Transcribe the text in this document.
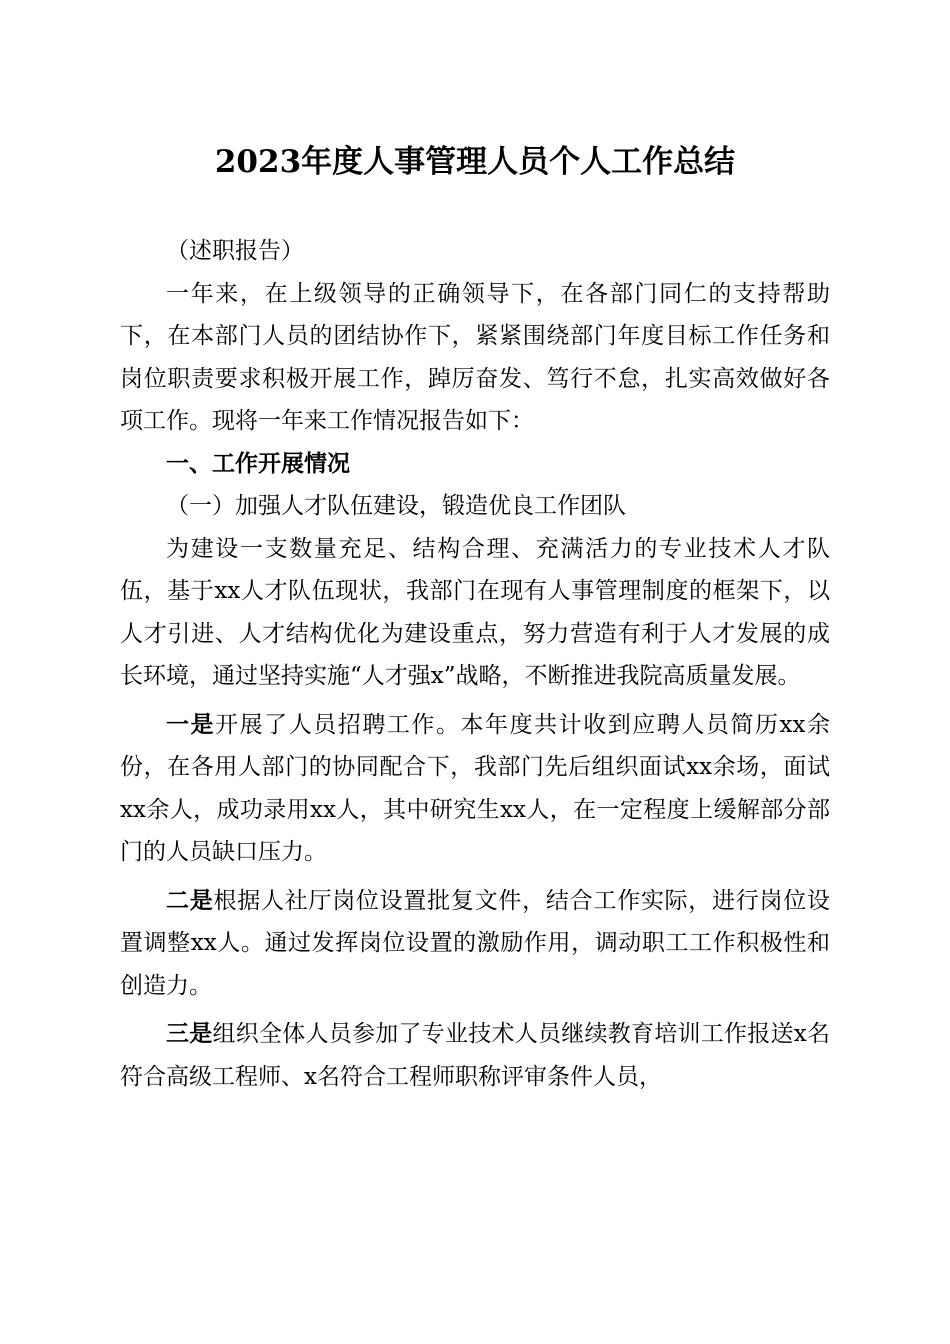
2023年度人事管理人员个人工作总结

（述职报告）

一年来，在上级领导的正确领导下，在各部门同仁的支持帮助下，在本部门人员的团结协作下，紧紧围绕部门年度目标工作任务和岗位职责要求积极开展工作，踔厉奋发、笃行不怠，扎实高效做好各项工作。现将一年来工作情况报告如下：

一、工作开展情况

（一）加强人才队伍建设，锻造优良工作团队

为建设一支数量充足、结构合理、充满活力的专业技术人才队伍，基于xx人才队伍现状，我部门在现有人事管理制度的框架下，以人才引进、人才结构优化为建设重点，努力营造有利于人才发展的成长环境，通过坚持实施“人才强x”战略，不断推进我院高质量发展。

一是开展了人员招聘工作。本年度共计收到应聘人员简历xx余份，在各用人部门的协同配合下，我部门先后组织面试xx余场，面试xx余人，成功录用xx人，其中研究生xx人，在一定程度上缓解部分部门的人员缺口压力。

二是根据人社厅岗位设置批复文件，结合工作实际，进行岗位设置调整xx人。通过发挥岗位设置的激励作用，调动职工工作积极性和创造力。

三是组织全体人员参加了专业技术人员继续教育培训工作报送x名符合高级工程师、x名符合工程师职称评审条件人员，
